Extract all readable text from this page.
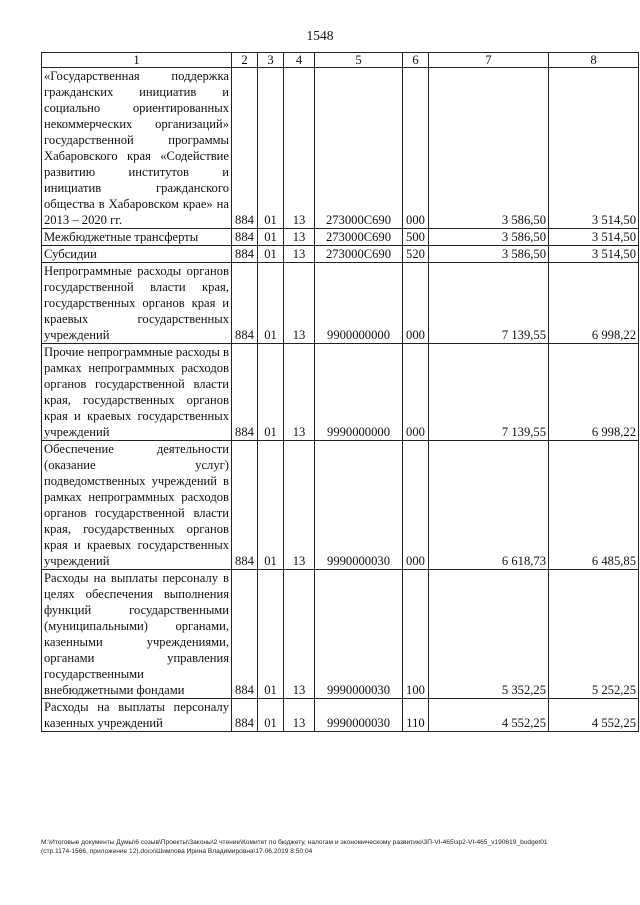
1548
1	2	3	4	5	6	7	8
«Государственная поддержка гражданских инициатив и социально ориентированных некоммерческих организаций» государственной программы Хабаровского края «Содействие развитию институтов и инициатив гражданского общества в Хабаровском крае» на 2013 – 2020 гг.	884	01	13	273000С690	000	3 586,50	3 514,50
Межбюджетные трансферты	884	01	13	273000С690	500	3 586,50	3 514,50
Субсидии	884	01	13	273000С690	520	3 586,50	3 514,50
Непрограммные расходы органов государственной власти края, государственных органов края и краевых государственных учреждений	884	01	13	9900000000	000	7 139,55	6 998,22
Прочие непрограммные расходы в рамках непрограммных расходов органов государственной власти края, государственных органов края и краевых государственных учреждений	884	01	13	9990000000	000	7 139,55	6 998,22
Обеспечение деятельности (оказание услуг) подведомственных учреждений в рамках непрограммных расходов органов государственной власти края, государственных органов края и краевых государственных учреждений	884	01	13	9990000030	000	6 618,73	6 485,85
Расходы на выплаты персоналу в целях обеспечения выполнения функций государственными (муниципальными) органами, казенными учреждениями, органами управления государственными внебюджетными фондами	884	01	13	9990000030	100	5 352,25	5 252,25
Расходы на выплаты персоналу казенных учреждений	884	01	13	9990000030	110	4 552,25	4 552,25
M:\Итоговые документы Думы\6 созыв\Проекты\Законы\2 чтение\Комитет по бюджету, налогам и экономическому развитию\3П-VI-465\зр2-VI-465_v190619_budget01
(стр.1174-1566, приложение 12).docx\Шимпова Ирина Владимировна\17.06.2019 8:50:04
